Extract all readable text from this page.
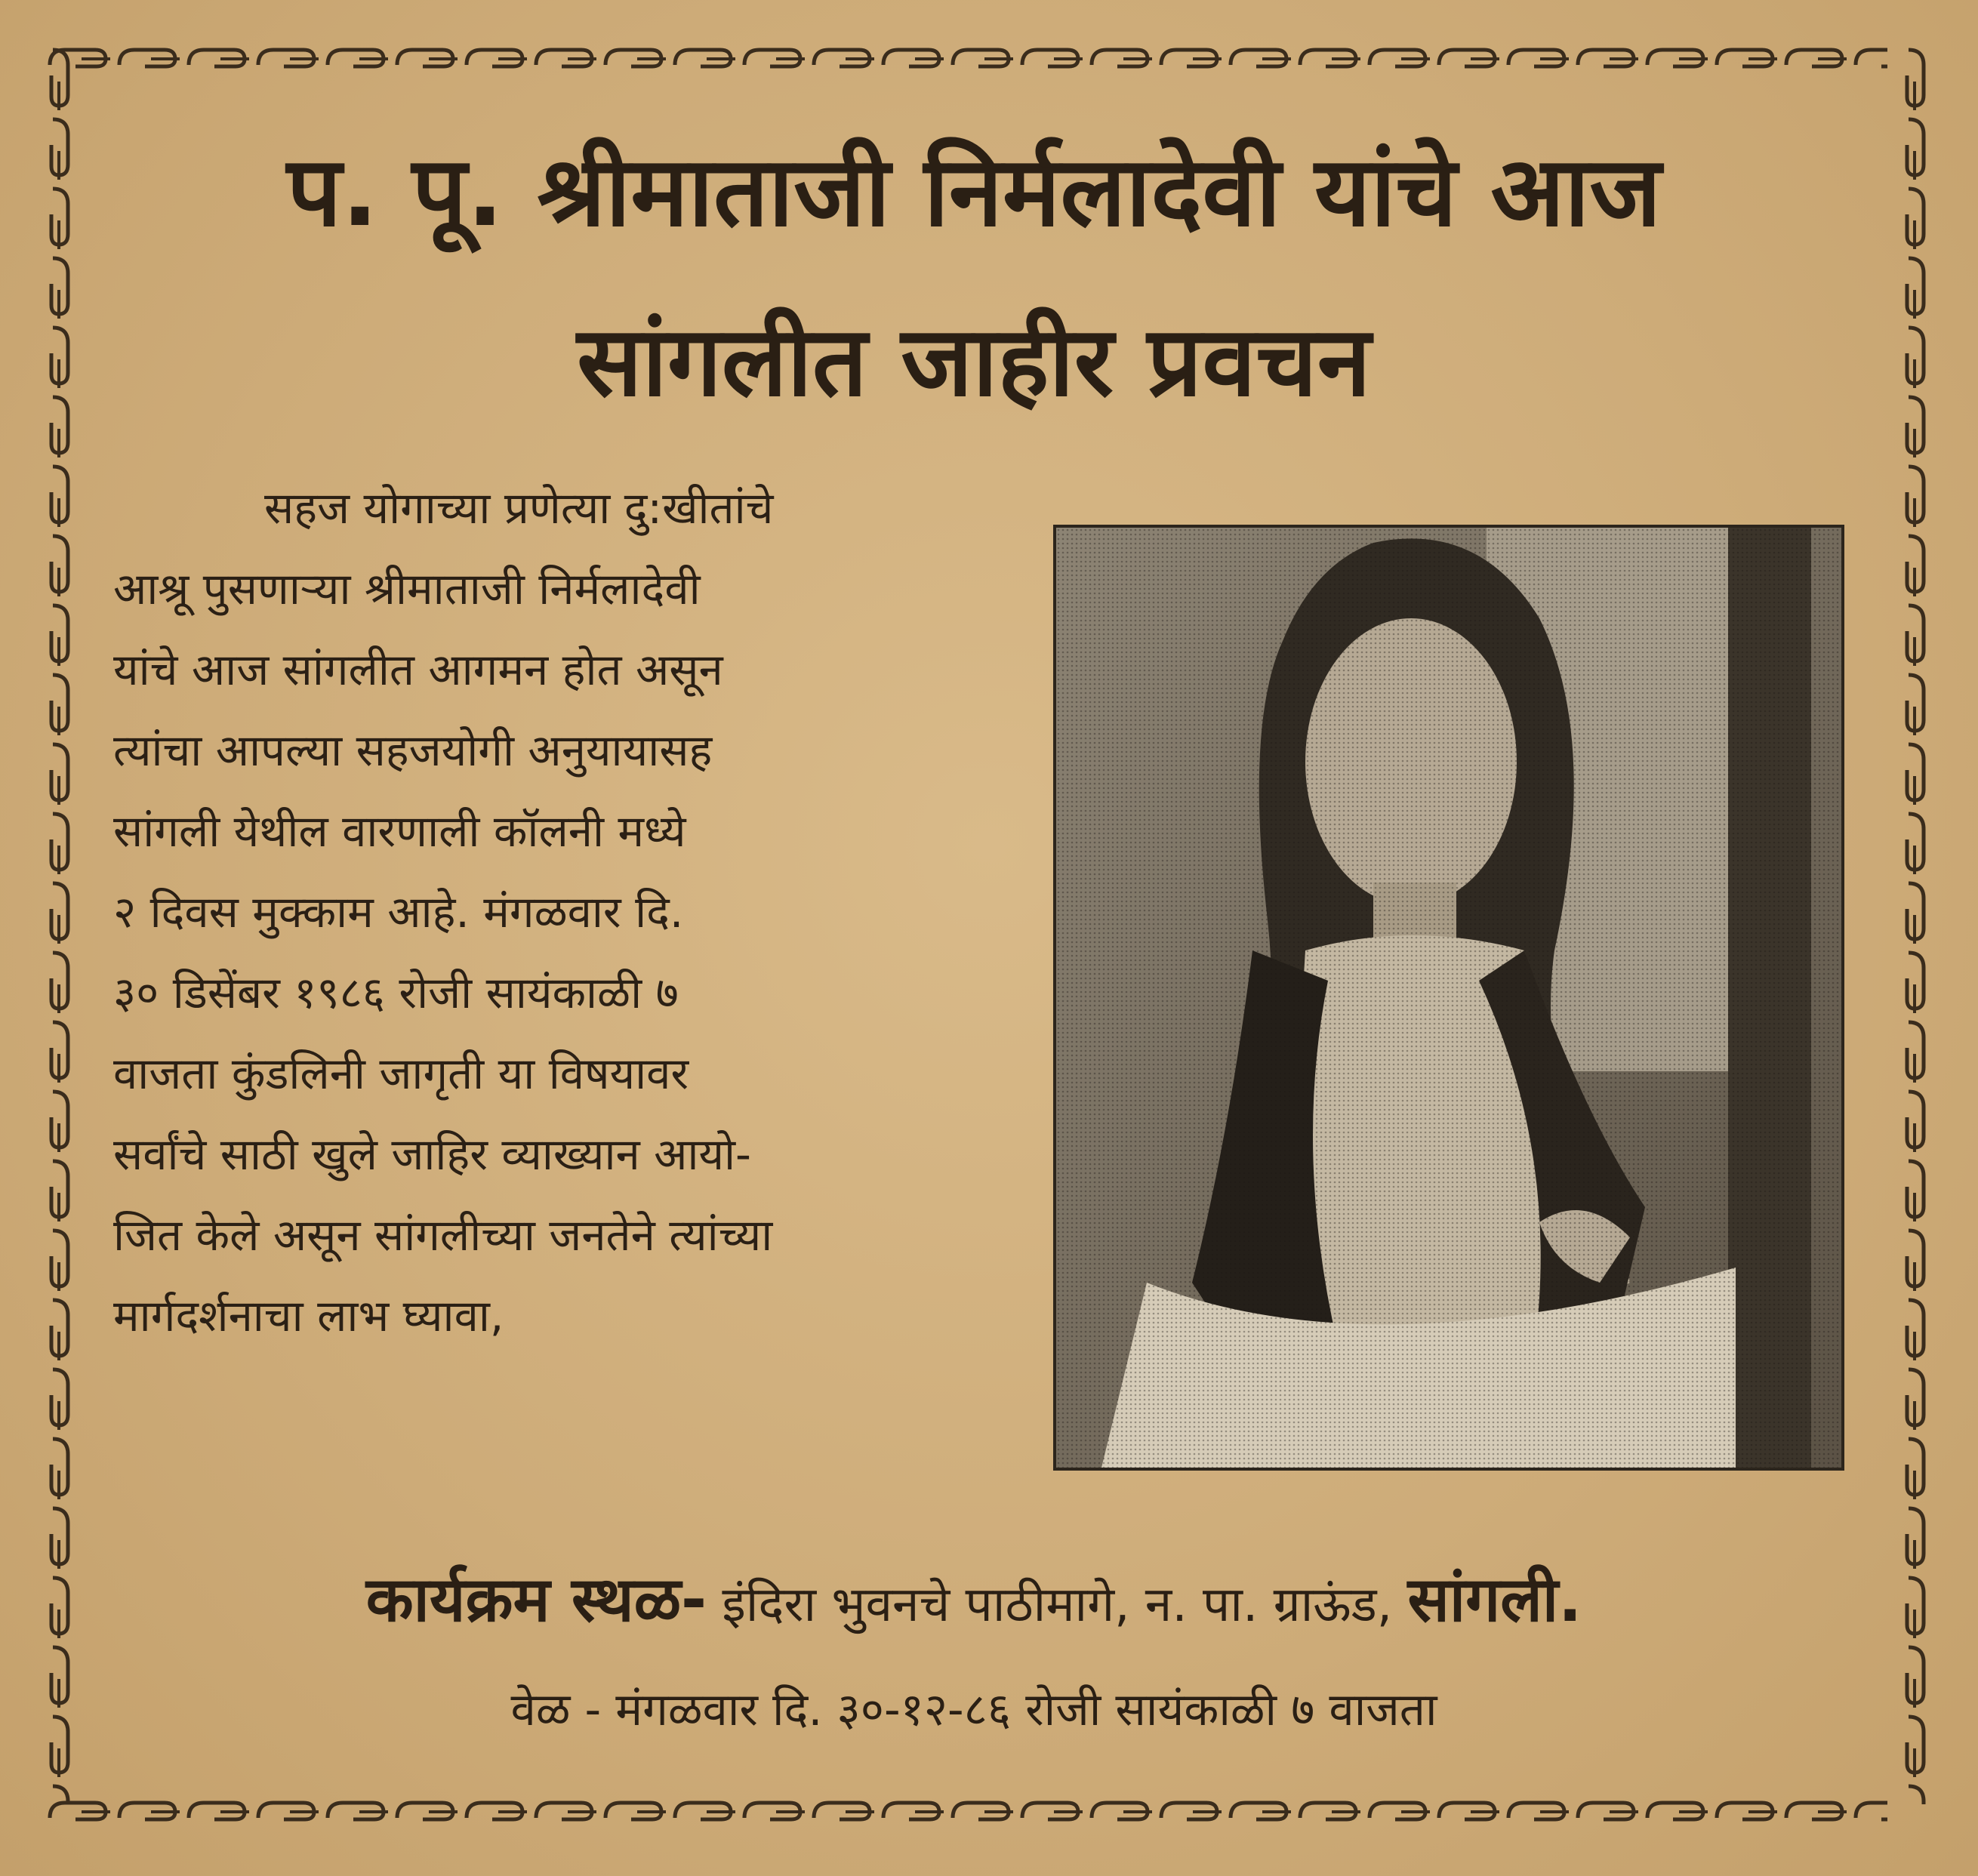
प. पू. श्रीमाताजी निर्मलादेवी यांचे आज
सांगलीत जाहीर प्रवचन
सहज योगाच्या प्रणेत्या दु:खीतांचे
आश्रू पुसणाऱ्या श्रीमाताजी निर्मलादेवी
यांचे आज सांगलीत आगमन होत असून
त्यांचा आपल्या सहजयोगी अनुयायासह
सांगली येथील वारणाली कॉलनी मध्ये
२ दिवस मुक्काम आहे. मंगळवार दि.
३० डिसेंबर १९८६ रोजी सायंकाळी ७
वाजता कुंडलिनी जागृती या विषयावर
सर्वांचे साठी खुले जाहिर व्याख्यान आयो-
जित केले असून सांगलीच्या जनतेने त्यांच्या
मार्गदर्शनाचा लाभ घ्यावा,
कार्यक्रम स्थळ- इंदिरा भुवनचे पाठीमागे, न. पा. ग्राऊंड, सांगली.
वेळ - मंगळवार दि. ३०-१२-८६ रोजी सायंकाळी ७ वाजता
